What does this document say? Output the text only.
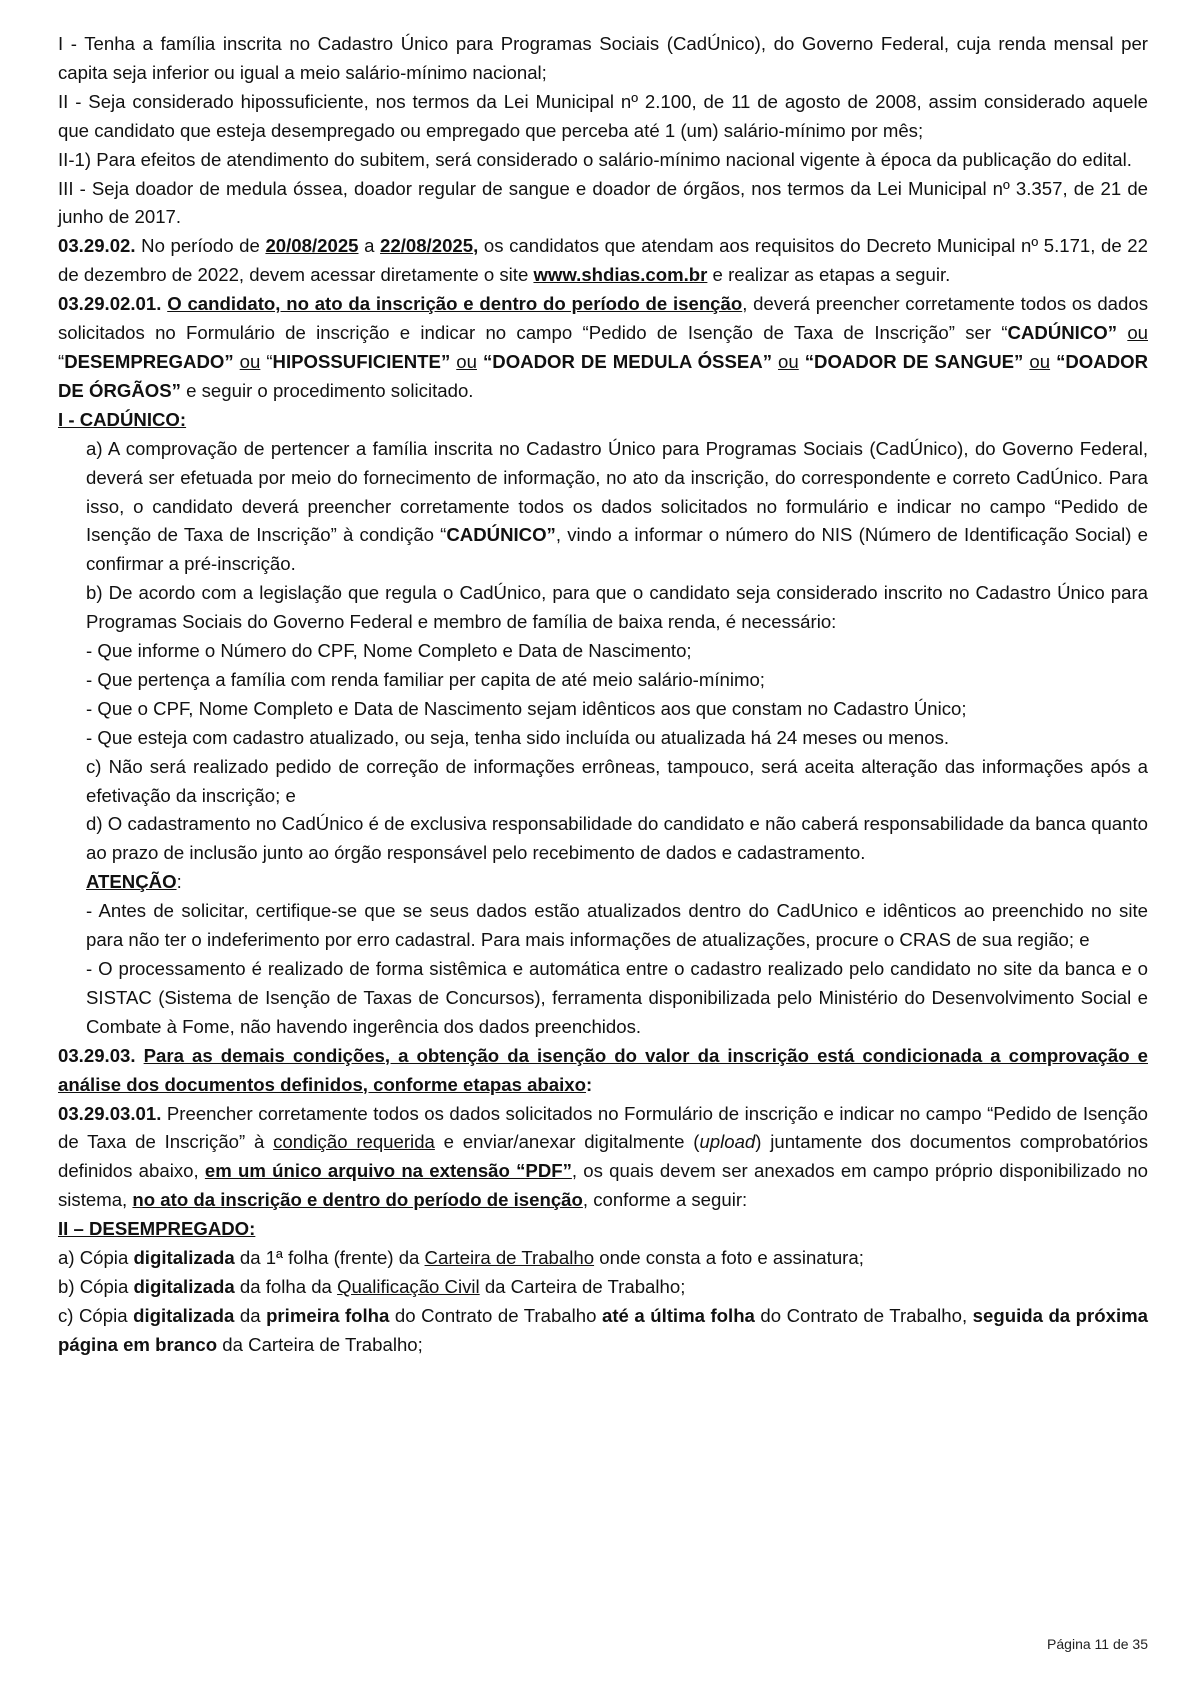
I - Tenha a família inscrita no Cadastro Único para Programas Sociais (CadÚnico), do Governo Federal, cuja renda mensal per capita seja inferior ou igual a meio salário-mínimo nacional;

II - Seja considerado hipossuficiente, nos termos da Lei Municipal nº 2.100, de 11 de agosto de 2008, assim considerado aquele que candidato que esteja desempregado ou empregado que perceba até 1 (um) salário-mínimo por mês;

II-1) Para efeitos de atendimento do subitem, será considerado o salário-mínimo nacional vigente à época da publicação do edital.

III - Seja doador de medula óssea, doador regular de sangue e doador de órgãos, nos termos da Lei Municipal nº 3.357, de 21 de junho de 2017.

03.29.02. No período de 20/08/2025 a 22/08/2025, os candidatos que atendam aos requisitos do Decreto Municipal nº 5.171, de 22 de dezembro de 2022, devem acessar diretamente o site www.shdias.com.br e realizar as etapas a seguir.

03.29.02.01. O candidato, no ato da inscrição e dentro do período de isenção, deverá preencher corretamente todos os dados solicitados no Formulário de inscrição e indicar no campo “Pedido de Isenção de Taxa de Inscrição” ser “CADÚNICO” ou “DESEMPREGADO” ou “HIPOSSUFICIENTE” ou “DOADOR DE MEDULA ÓSSEA” ou “DOADOR DE SANGUE” ou “DOADOR DE ÓRGÃOS” e seguir o procedimento solicitado.

I - CADÚNICO:

a) A comprovação de pertencer a família inscrita no Cadastro Único para Programas Sociais (CadÚnico), do Governo Federal, deverá ser efetuada por meio do fornecimento de informação, no ato da inscrição, do correspondente e correto CadÚnico. Para isso, o candidato deverá preencher corretamente todos os dados solicitados no formulário e indicar no campo “Pedido de Isenção de Taxa de Inscrição” à condição “CADÚNICO”, vindo a informar o número do NIS (Número de Identificação Social) e confirmar a pré-inscrição.

b) De acordo com a legislação que regula o CadÚnico, para que o candidato seja considerado inscrito no Cadastro Único para Programas Sociais do Governo Federal e membro de família de baixa renda, é necessário:

- Que informe o Número do CPF, Nome Completo e Data de Nascimento;

- Que pertença a família com renda familiar per capita de até meio salário-mínimo;

- Que o CPF, Nome Completo e Data de Nascimento sejam idênticos aos que constam no Cadastro Único;

- Que esteja com cadastro atualizado, ou seja, tenha sido incluída ou atualizada há 24 meses ou menos.

c) Não será realizado pedido de correção de informações errôneas, tampouco, será aceita alteração das informações após a efetivação da inscrição; e

d) O cadastramento no CadÚnico é de exclusiva responsabilidade do candidato e não caberá responsabilidade da banca quanto ao prazo de inclusão junto ao órgão responsável pelo recebimento de dados e cadastramento.

ATENÇÃO:

- Antes de solicitar, certifique-se que se seus dados estão atualizados dentro do CadUnico e idênticos ao preenchido no site para não ter o indeferimento por erro cadastral. Para mais informações de atualizações, procure o CRAS de sua região; e

- O processamento é realizado de forma sistêmica e automática entre o cadastro realizado pelo candidato no site da banca e o SISTAC (Sistema de Isenção de Taxas de Concursos), ferramenta disponibilizada pelo Ministério do Desenvolvimento Social e Combate à Fome, não havendo ingerência dos dados preenchidos.

03.29.03. Para as demais condições, a obtenção da isenção do valor da inscrição está condicionada a comprovação e análise dos documentos definidos, conforme etapas abaixo:

03.29.03.01. Preencher corretamente todos os dados solicitados no Formulário de inscrição e indicar no campo “Pedido de Isenção de Taxa de Inscrição” à condição requerida e enviar/anexar digitalmente (upload) juntamente dos documentos comprobatórios definidos abaixo, em um único arquivo na extensão “PDF”, os quais devem ser anexados em campo próprio disponibilizado no sistema, no ato da inscrição e dentro do período de isenção, conforme a seguir:

II – DESEMPREGADO:

a) Cópia digitalizada da 1ª folha (frente) da Carteira de Trabalho onde consta a foto e assinatura;

b) Cópia digitalizada da folha da Qualificação Civil da Carteira de Trabalho;

c) Cópia digitalizada da primeira folha do Contrato de Trabalho até a última folha do Contrato de Trabalho, seguida da próxima página em branco da Carteira de Trabalho;

Página 11 de 35
